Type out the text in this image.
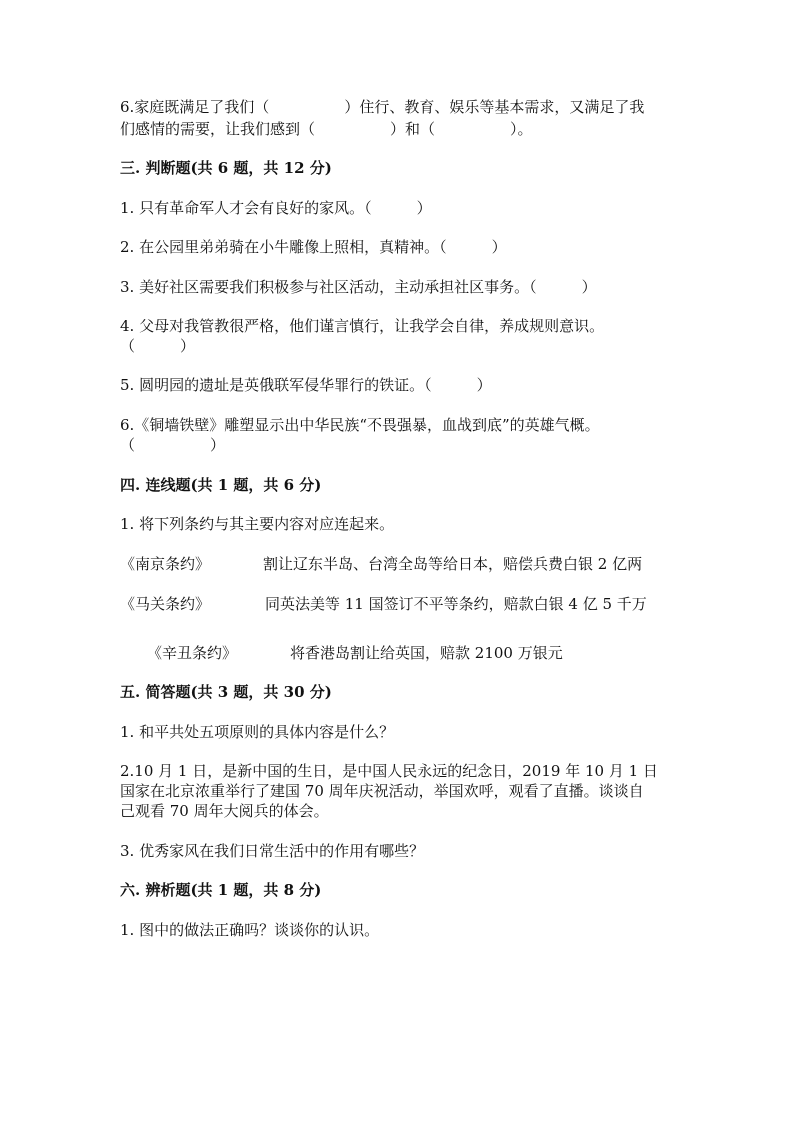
6.家庭既满足了我们（　　　　　）住行、教育、娱乐等基本需求，又满足了我
们感情的需要，让我们感到（　　　　　）和（　　　　　）。
三. 判断题(共 6 题，共 12 分)
1. 只有革命军人才会有良好的家风。（　　　）
2. 在公园里弟弟骑在小牛雕像上照相，真精神。（　　　）
3. 美好社区需要我们积极参与社区活动，主动承担社区事务。（　　　）
4. 父母对我管教很严格，他们谨言慎行，让我学会自律，养成规则意识。
（　　　）
5. 圆明园的遗址是英俄联军侵华罪行的铁证。（　　　）
6.《铜墙铁壁》雕塑显示出中华民族“不畏强暴，血战到底”的英雄气概。
（　　　　　）
四. 连线题(共 1 题，共 6 分)
1. 将下列条约与其主要内容对应连起来。
《南京条约》	割让辽东半岛、台湾全岛等给日本，赔偿兵费白银 2 亿两
《马关条约》	同英法美等 11 国签订不平等条约，赔款白银 4 亿 5 千万
《辛丑条约》	将香港岛割让给英国，赔款 2100 万银元
五. 简答题(共 3 题，共 30 分)
1. 和平共处五项原则的具体内容是什么？
2.10 月 1 日，是新中国的生日，是中国人民永远的纪念日，2019 年 10 月 1 日
国家在北京浓重举行了建国 70 周年庆祝活动，举国欢呼，观看了直播。谈谈自
己观看 70 周年大阅兵的体会。
3. 优秀家风在我们日常生活中的作用有哪些？
六. 辨析题(共 1 题，共 8 分)
1. 图中的做法正确吗？谈谈你的认识。
